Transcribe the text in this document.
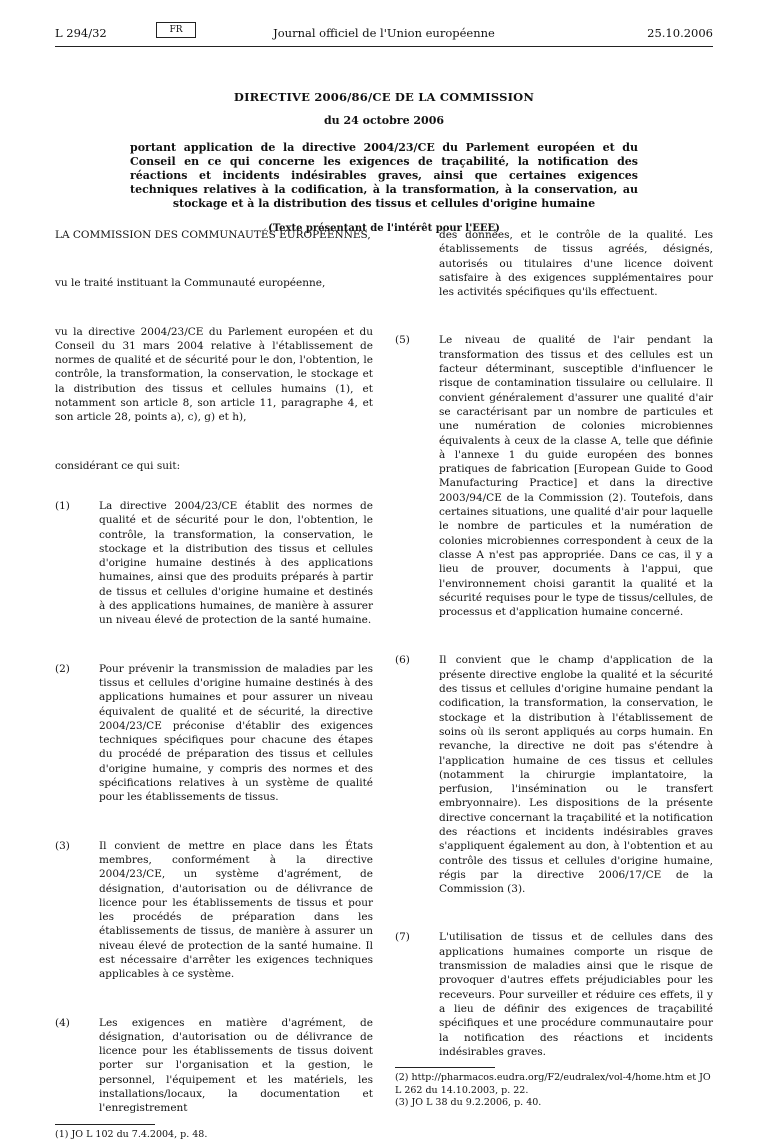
L 294/32	FR	Journal officiel de l'Union européenne	25.10.2006
DIRECTIVE 2006/86/CE DE LA COMMISSION
du 24 octobre 2006
portant application de la directive 2004/23/CE du Parlement européen et du Conseil en ce qui concerne les exigences de traçabilité, la notification des réactions et incidents indésirables graves, ainsi que certaines exigences techniques relatives à la codification, à la transformation, à la conservation, au stockage et à la distribution des tissus et cellules d'origine humaine
(Texte présentant de l'intérêt pour l'EEE)

LA COMMISSION DES COMMUNAUTÉS EUROPÉENNES,

vu le traité instituant la Communauté européenne,

vu la directive 2004/23/CE du Parlement européen et du Conseil du 31 mars 2004 relative à l'établissement de normes de qualité et de sécurité pour le don, l'obtention, le contrôle, la transformation, la conservation, le stockage et la distribution des tissus et cellules humains (1), et notamment son article 8, son article 11, paragraphe 4, et son article 28, points a), c), g) et h),

considérant ce qui suit:

(1)	La directive 2004/23/CE établit des normes de qualité et de sécurité pour le don, l'obtention, le contrôle, la transformation, la conservation, le stockage et la distribution des tissus et cellules d'origine humaine destinés à des applications humaines, ainsi que des produits préparés à partir de tissus et cellules d'origine humaine et destinés à des applications humaines, de manière à assurer un niveau élevé de protection de la santé humaine.
(2)	Pour prévenir la transmission de maladies par les tissus et cellules d'origine humaine destinés à des applications humaines et pour assurer un niveau équivalent de qualité et de sécurité, la directive 2004/23/CE préconise d'établir des exigences techniques spécifiques pour chacune des étapes du procédé de préparation des tissus et cellules d'origine humaine, y compris des normes et des spécifications relatives à un système de qualité pour les établissements de tissus.
(3)	Il convient de mettre en place dans les États membres, conformément à la directive 2004/23/CE, un système d'agrément, de désignation, d'autorisation ou de délivrance de licence pour les établissements de tissus et pour les procédés de préparation dans les établissements de tissus, de manière à assurer un niveau élevé de protection de la santé humaine. Il est nécessaire d'arrêter les exigences techniques applicables à ce système.
(4)	Les exigences en matière d'agrément, de désignation, d'autorisation ou de délivrance de licence pour les établissements de tissus doivent porter sur l'organisation et la gestion, le personnel, l'équipement et les matériels, les installations/locaux, la documentation et l'enregistrement
(1) JO L 102 du 7.4.2004, p. 48.
des données, et le contrôle de la qualité. Les établissements de tissus agréés, désignés, autorisés ou titulaires d'une licence doivent satisfaire à des exigences supplémentaires pour les activités spécifiques qu'ils effectuent.
(5)	Le niveau de qualité de l'air pendant la transformation des tissus et des cellules est un facteur déterminant, susceptible d'influencer le risque de contamination tissulaire ou cellulaire. Il convient généralement d'assurer une qualité d'air se caractérisant par un nombre de particules et une numération de colonies microbiennes équivalents à ceux de la classe A, telle que définie à l'annexe 1 du guide européen des bonnes pratiques de fabrication [European Guide to Good Manufacturing Practice] et dans la directive 2003/94/CE de la Commission (2). Toutefois, dans certaines situations, une qualité d'air pour laquelle le nombre de particules et la numération de colonies microbiennes correspondent à ceux de la classe A n'est pas appropriée. Dans ce cas, il y a lieu de prouver, documents à l'appui, que l'environnement choisi garantit la qualité et la sécurité requises pour le type de tissus/cellules, de processus et d'application humaine concerné.
(6)	Il convient que le champ d'application de la présente directive englobe la qualité et la sécurité des tissus et cellules d'origine humaine pendant la codification, la transformation, la conservation, le stockage et la distribution à l'établissement de soins où ils seront appliqués au corps humain. En revanche, la directive ne doit pas s'étendre à l'application humaine de ces tissus et cellules (notamment la chirurgie implantatoire, la perfusion, l'insémination ou le transfert embryonnaire). Les dispositions de la présente directive concernant la traçabilité et la notification des réactions et incidents indésirables graves s'appliquent également au don, à l'obtention et au contrôle des tissus et cellules d'origine humaine, régis par la directive 2006/17/CE de la Commission (3).
(7)	L'utilisation de tissus et de cellules dans des applications humaines comporte un risque de transmission de maladies ainsi que le risque de provoquer d'autres effets préjudiciables pour les receveurs. Pour surveiller et réduire ces effets, il y a lieu de définir des exigences de traçabilité spécifiques et une procédure communautaire pour la notification des réactions et incidents indésirables graves.
(2) http://pharmacos.eudra.org/F2/eudralex/vol-4/home.htm et JO L 262 du 14.10.2003, p. 22.
(3) JO L 38 du 9.2.2006, p. 40.
